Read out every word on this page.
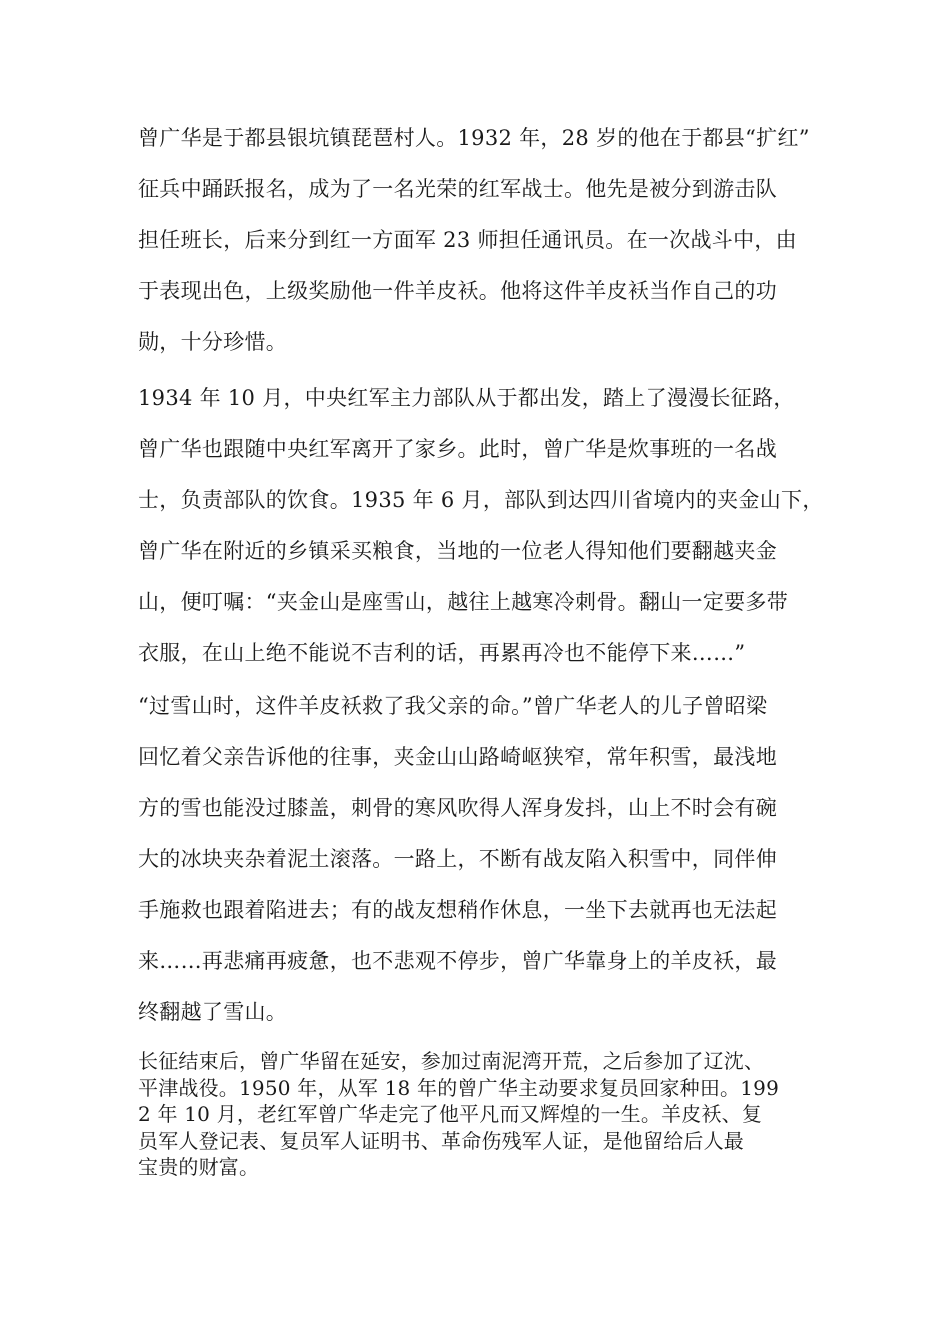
曾广华是于都县银坑镇琵琶村人。1932 年，28 岁的他在于都县“扩红”
征兵中踊跃报名，成为了一名光荣的红军战士。他先是被分到游击队
担任班长，后来分到红一方面军 23 师担任通讯员。在一次战斗中，由
于表现出色，上级奖励他一件羊皮袄。他将这件羊皮袄当作自己的功
勋，十分珍惜。

1934 年 10 月，中央红军主力部队从于都出发，踏上了漫漫长征路，
曾广华也跟随中央红军离开了家乡。此时，曾广华是炊事班的一名战
士，负责部队的饮食。1935 年 6 月，部队到达四川省境内的夹金山下，
曾广华在附近的乡镇采买粮食，当地的一位老人得知他们要翻越夹金
山，便叮嘱：“夹金山是座雪山，越往上越寒冷刺骨。翻山一定要多带
衣服，在山上绝不能说不吉利的话，再累再冷也不能停下来……”

“过雪山时，这件羊皮袄救了我父亲的命。”曾广华老人的儿子曾昭梁
回忆着父亲告诉他的往事，夹金山山路崎岖狭窄，常年积雪，最浅地
方的雪也能没过膝盖，刺骨的寒风吹得人浑身发抖，山上不时会有碗
大的冰块夹杂着泥土滚落。一路上，不断有战友陷入积雪中，同伴伸
手施救也跟着陷进去；有的战友想稍作休息，一坐下去就再也无法起
来……再悲痛再疲惫，也不悲观不停步，曾广华靠身上的羊皮袄，最
终翻越了雪山。

长征结束后，曾广华留在延安，参加过南泥湾开荒，之后参加了辽沈、
平津战役。1950 年，从军 18 年的曾广华主动要求复员回家种田。199
2 年 10 月，老红军曾广华走完了他平凡而又辉煌的一生。羊皮袄、复
员军人登记表、复员军人证明书、革命伤残军人证，是他留给后人最
宝贵的财富。
